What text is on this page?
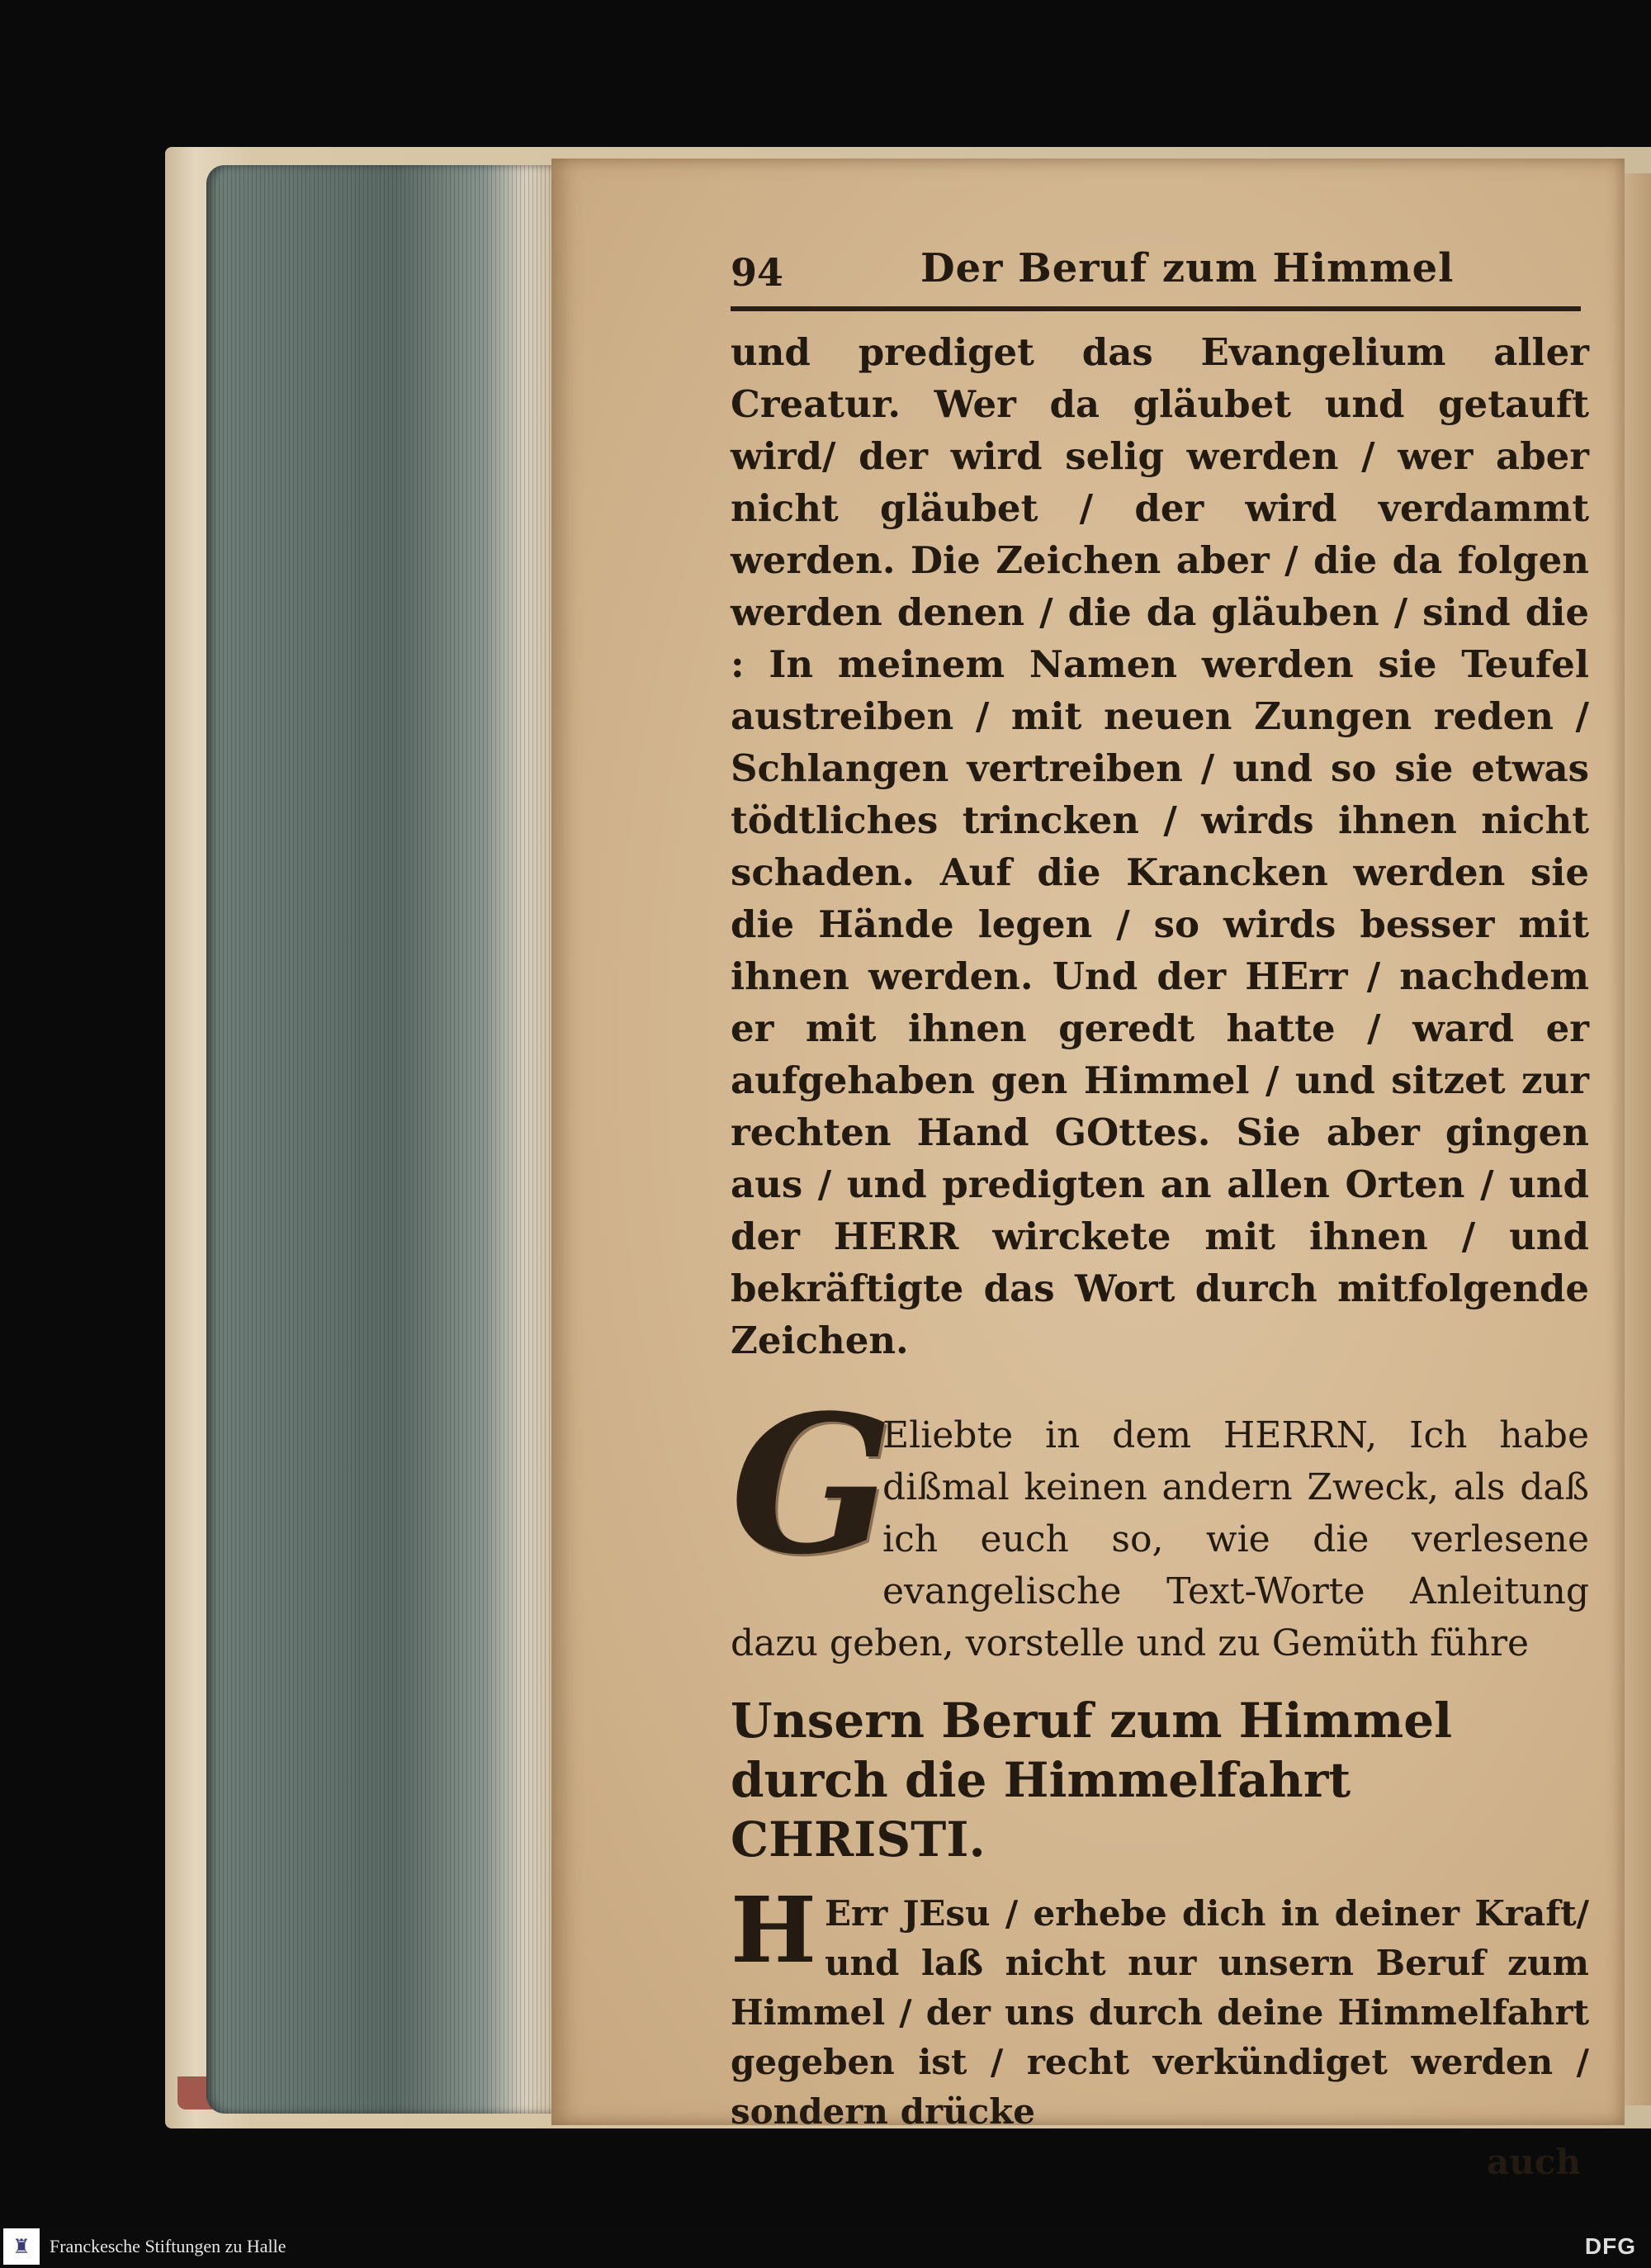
94	Der Beruf zum Himmel

und prediget das Evangelium aller Creatur. Wer da gläubet und getauft wird/ der wird selig werden / wer aber nicht gläubet / der wird verdammt werden. Die Zeichen aber / die da folgen werden denen / die da gläuben / sind die : In meinem Namen werden sie Teufel austreiben / mit neuen Zungen reden / Schlangen vertreiben / und so sie etwas tödtliches trincken / wirds ihnen nicht schaden. Auf die Krancken werden sie die Hände legen / so wirds besser mit ihnen werden. Und der HErr / nachdem er mit ihnen geredt hatte / ward er aufgehaben gen Himmel / und sitzet zur rechten Hand GOttes. Sie aber gingen aus / und predigten an allen Orten / und der HERR wirckete mit ihnen / und bekräftigte das Wort durch mitfolgende Zeichen.

G

Eliebte in dem HERRN, Ich habe dißmal keinen andern Zweck, als daß ich euch so, wie die verlesene evangelische Text-Worte Anleitung dazu geben, vorstelle und zu Gemüth führe

Unsern Beruf zum Himmel durch die Himmelfahrt CHRISTI.

H Err JEsu / erhebe dich in deiner Kraft/ und laß nicht nur unsern Beruf zum Himmel / der uns durch deine Himmelfahrt gegeben ist / recht verkündiget werden / sondern drücke

auch
♜ Franckesche Stiftungen zu Halle	DFG
